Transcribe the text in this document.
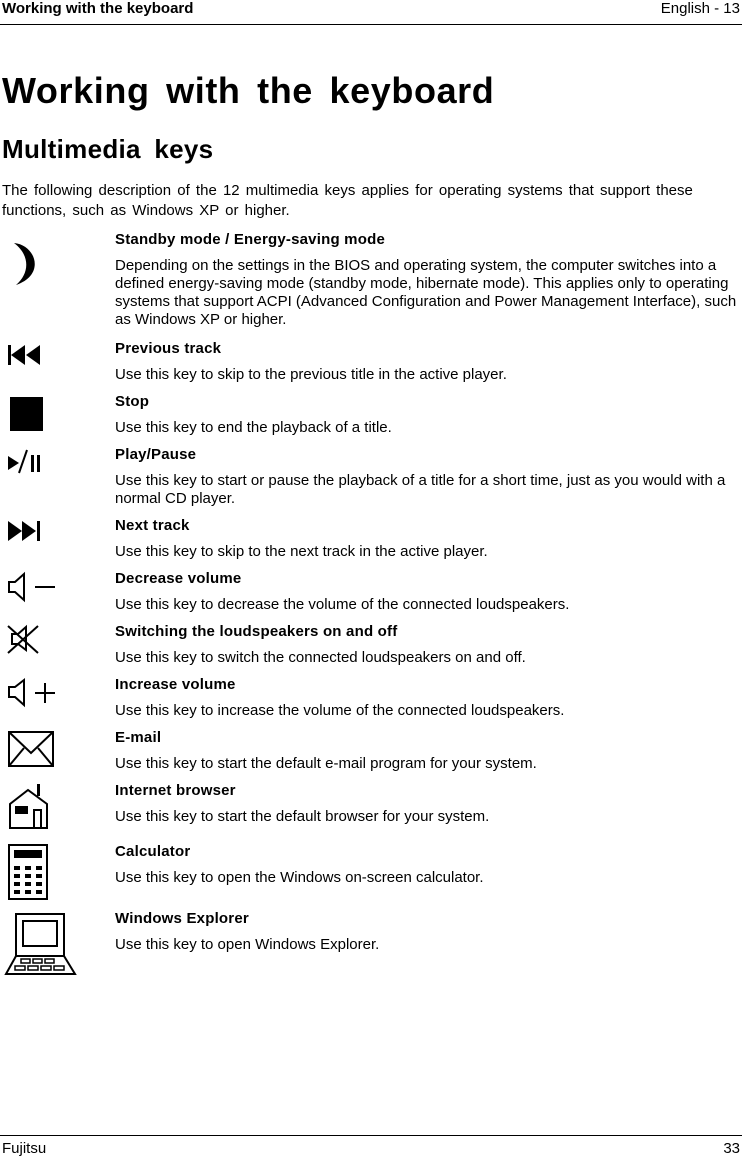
Working with the keyboard	English - 13
Working with the keyboard
Multimedia keys
The following description of the 12 multimedia keys applies for operating systems that support these functions, such as Windows XP or higher.
Standby mode / Energy-saving mode
Depending on the settings in the BIOS and operating system, the computer switches into a defined energy-saving mode (standby mode, hibernate mode). This applies only to operating systems that support ACPI (Advanced Configuration and Power Management Interface), such as Windows XP or higher.
Previous track
Use this key to skip to the previous title in the active player.
Stop
Use this key to end the playback of a title.
Play/Pause
Use this key to start or pause the playback of a title for a short time, just as you would with a normal CD player.
Next track
Use this key to skip to the next track in the active player.
Decrease volume
Use this key to decrease the volume of the connected loudspeakers.
Switching the loudspeakers on and off
Use this key to switch the connected loudspeakers on and off.
Increase volume
Use this key to increase the volume of the connected loudspeakers.
E-mail
Use this key to start the default e-mail program for your system.
Internet browser
Use this key to start the default browser for your system.
Calculator
Use this key to open the Windows on-screen calculator.
Windows Explorer
Use this key to open Windows Explorer.
Fujitsu	33
